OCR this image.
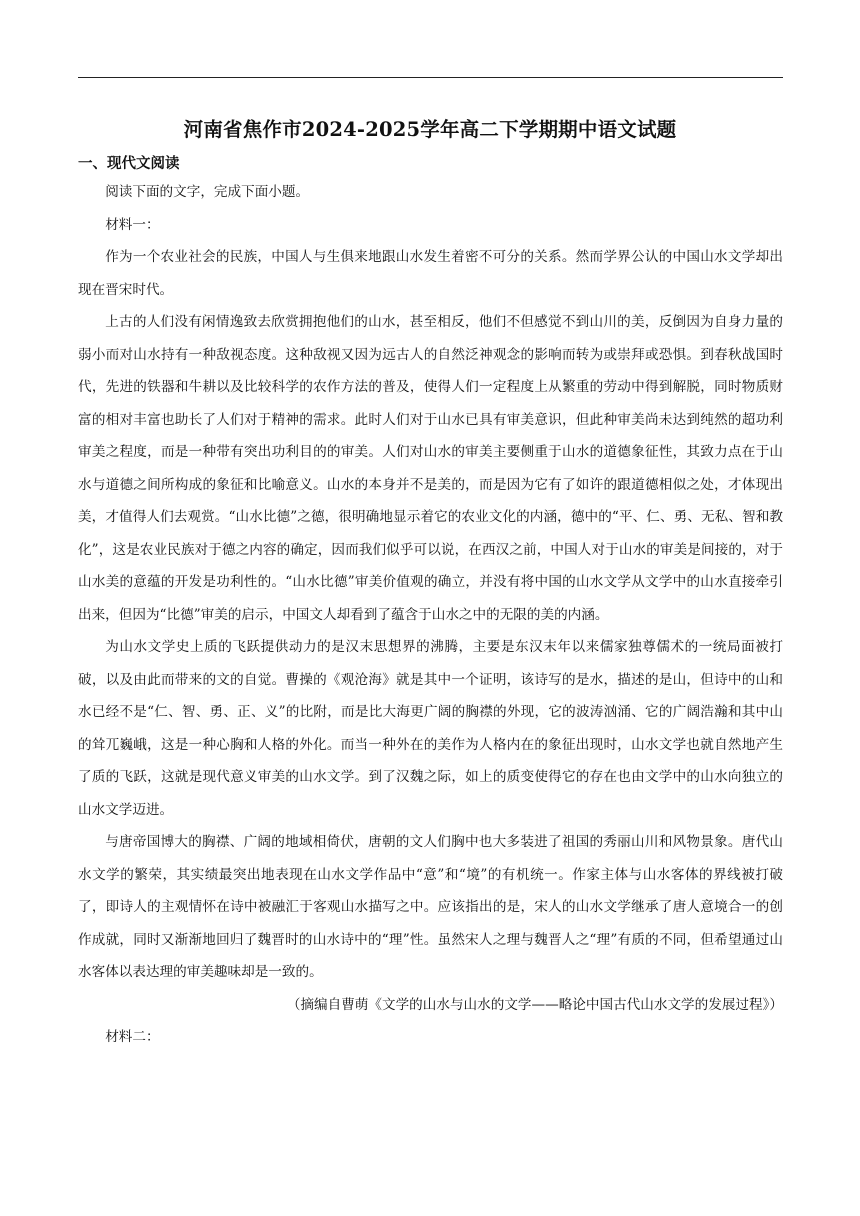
河南省焦作市2024-2025学年高二下学期期中语文试题
一、现代文阅读

阅读下面的文字，完成下面小题。

材料一：

作为一个农业社会的民族，中国人与生俱来地跟山水发生着密不可分的关系。然而学界公认的中国山水文学却出现在晋宋时代。

上古的人们没有闲情逸致去欣赏拥抱他们的山水，甚至相反，他们不但感觉不到山川的美，反倒因为自身力量的弱小而对山水持有一种敌视态度。这种敌视又因为远古人的自然泛神观念的影响而转为或崇拜或恐惧。到春秋战国时代，先进的铁器和牛耕以及比较科学的农作方法的普及，使得人们一定程度上从繁重的劳动中得到解脱，同时物质财富的相对丰富也助长了人们对于精神的需求。此时人们对于山水已具有审美意识，但此种审美尚未达到纯然的超功利审美之程度，而是一种带有突出功利目的的审美。人们对山水的审美主要侧重于山水的道德象征性，其致力点在于山水与道德之间所构成的象征和比喻意义。山水的本身并不是美的，而是因为它有了如许的跟道德相似之处，才体现出美，才值得人们去观赏。“山水比德”之德，很明确地显示着它的农业文化的内涵，德中的“平、仁、勇、无私、智和教化”，这是农业民族对于德之内容的确定，因而我们似乎可以说，在西汉之前，中国人对于山水的审美是间接的，对于山水美的意蕴的开发是功利性的。“山水比德”审美价值观的确立，并没有将中国的山水文学从文学中的山水直接牵引出来，但因为“比德”审美的启示，中国文人却看到了蕴含于山水之中的无限的美的内涵。

为山水文学史上质的飞跃提供动力的是汉末思想界的沸腾，主要是东汉末年以来儒家独尊儒术的一统局面被打破，以及由此而带来的文的自觉。曹操的《观沧海》就是其中一个证明，该诗写的是水，描述的是山，但诗中的山和水已经不是“仁、智、勇、正、义”的比附，而是比大海更广阔的胸襟的外现，它的波涛汹涌、它的广阔浩瀚和其中山的耸兀巍峨，这是一种心胸和人格的外化。而当一种外在的美作为人格内在的象征出现时，山水文学也就自然地产生了质的飞跃，这就是现代意义审美的山水文学。到了汉魏之际，如上的质变使得它的存在也由文学中的山水向独立的山水文学迈进。

与唐帝国博大的胸襟、广阔的地域相倚伏，唐朝的文人们胸中也大多装进了祖国的秀丽山川和风物景象。唐代山水文学的繁荣，其实绩最突出地表现在山水文学作品中“意”和“境”的有机统一。作家主体与山水客体的界线被打破了，即诗人的主观情怀在诗中被融汇于客观山水描写之中。应该指出的是，宋人的山水文学继承了唐人意境合一的创作成就，同时又渐渐地回归了魏晋时的山水诗中的“理”性。虽然宋人之理与魏晋人之“理”有质的不同，但希望通过山水客体以表达理的审美趣味却是一致的。

（摘编自曹萌《文学的山水与山水的文学——略论中国古代山水文学的发展过程》）

材料二：
